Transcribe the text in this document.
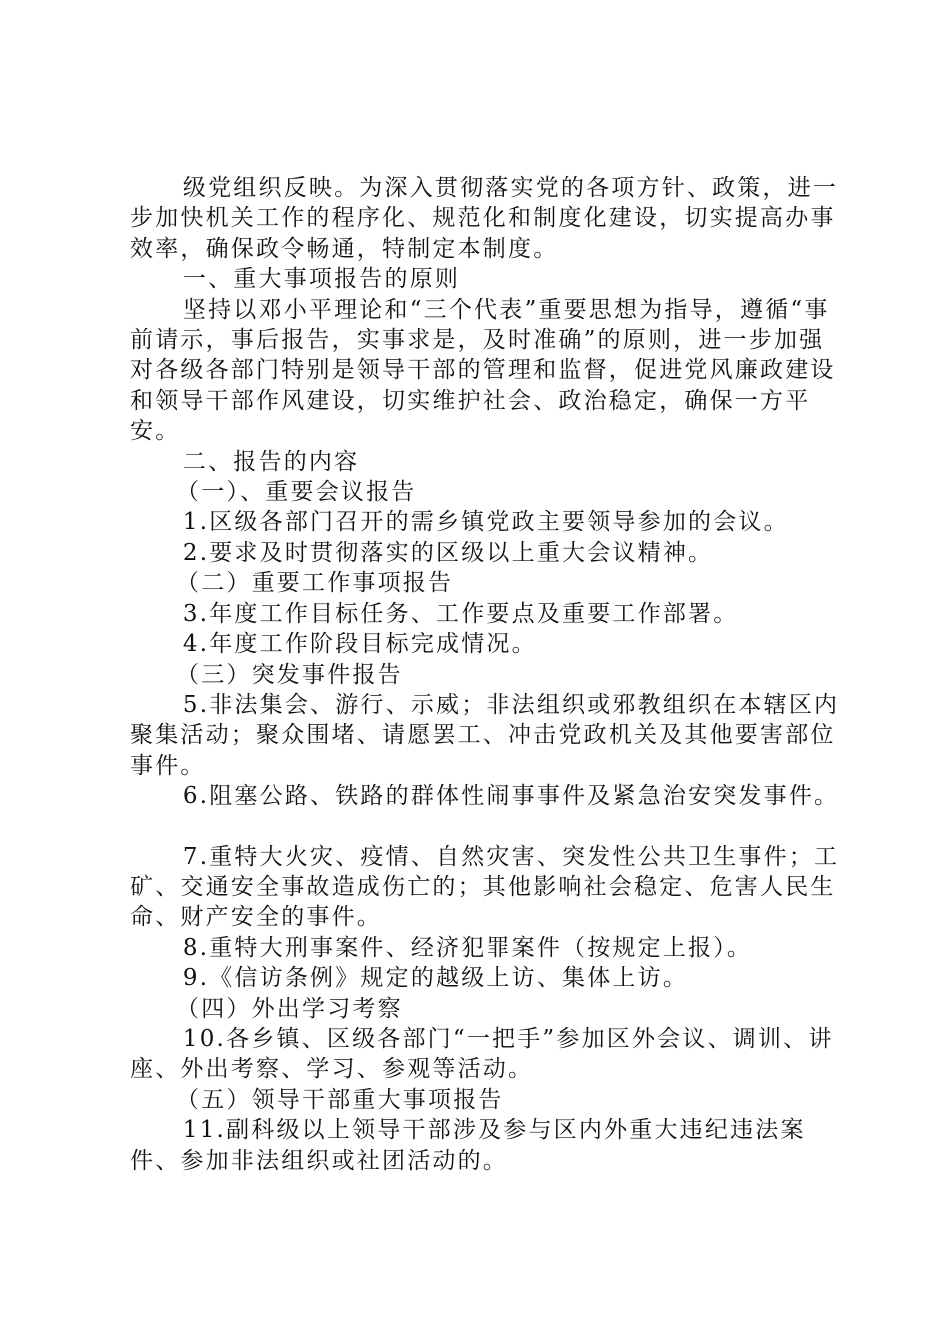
级党组织反映。为深入贯彻落实党的各项方针、政策，进一步加快机关工作的程序化、规范化和制度化建设，切实提高办事效率，确保政令畅通，特制定本制度。

一、重大事项报告的原则

坚持以邓小平理论和“三个代表”重要思想为指导，遵循“事前请示，事后报告，实事求是，及时准确”的原则，进一步加强对各级各部门特别是领导干部的管理和监督，促进党风廉政建设和领导干部作风建设，切实维护社会、政治稳定，确保一方平安。

二、报告的内容

（一）、重要会议报告

1.区级各部门召开的需乡镇党政主要领导参加的会议。

2.要求及时贯彻落实的区级以上重大会议精神。

（二）重要工作事项报告

3.年度工作目标任务、工作要点及重要工作部署。

4.年度工作阶段目标完成情况。

（三）突发事件报告

5.非法集会、游行、示威；非法组织或邪教组织在本辖区内聚集活动；聚众围堵、请愿罢工、冲击党政机关及其他要害部位事件。

6.阻塞公路、铁路的群体性闹事事件及紧急治安突发事件。

7.重特大火灾、疫情、自然灾害、突发性公共卫生事件；工矿、交通安全事故造成伤亡的；其他影响社会稳定、危害人民生命、财产安全的事件。

8.重特大刑事案件、经济犯罪案件（按规定上报）。

9.《信访条例》规定的越级上访、集体上访。

（四）外出学习考察

10.各乡镇、区级各部门“一把手”参加区外会议、调训、讲座、外出考察、学习、参观等活动。

（五）领导干部重大事项报告

11.副科级以上领导干部涉及参与区内外重大违纪违法案件、参加非法组织或社团活动的。
